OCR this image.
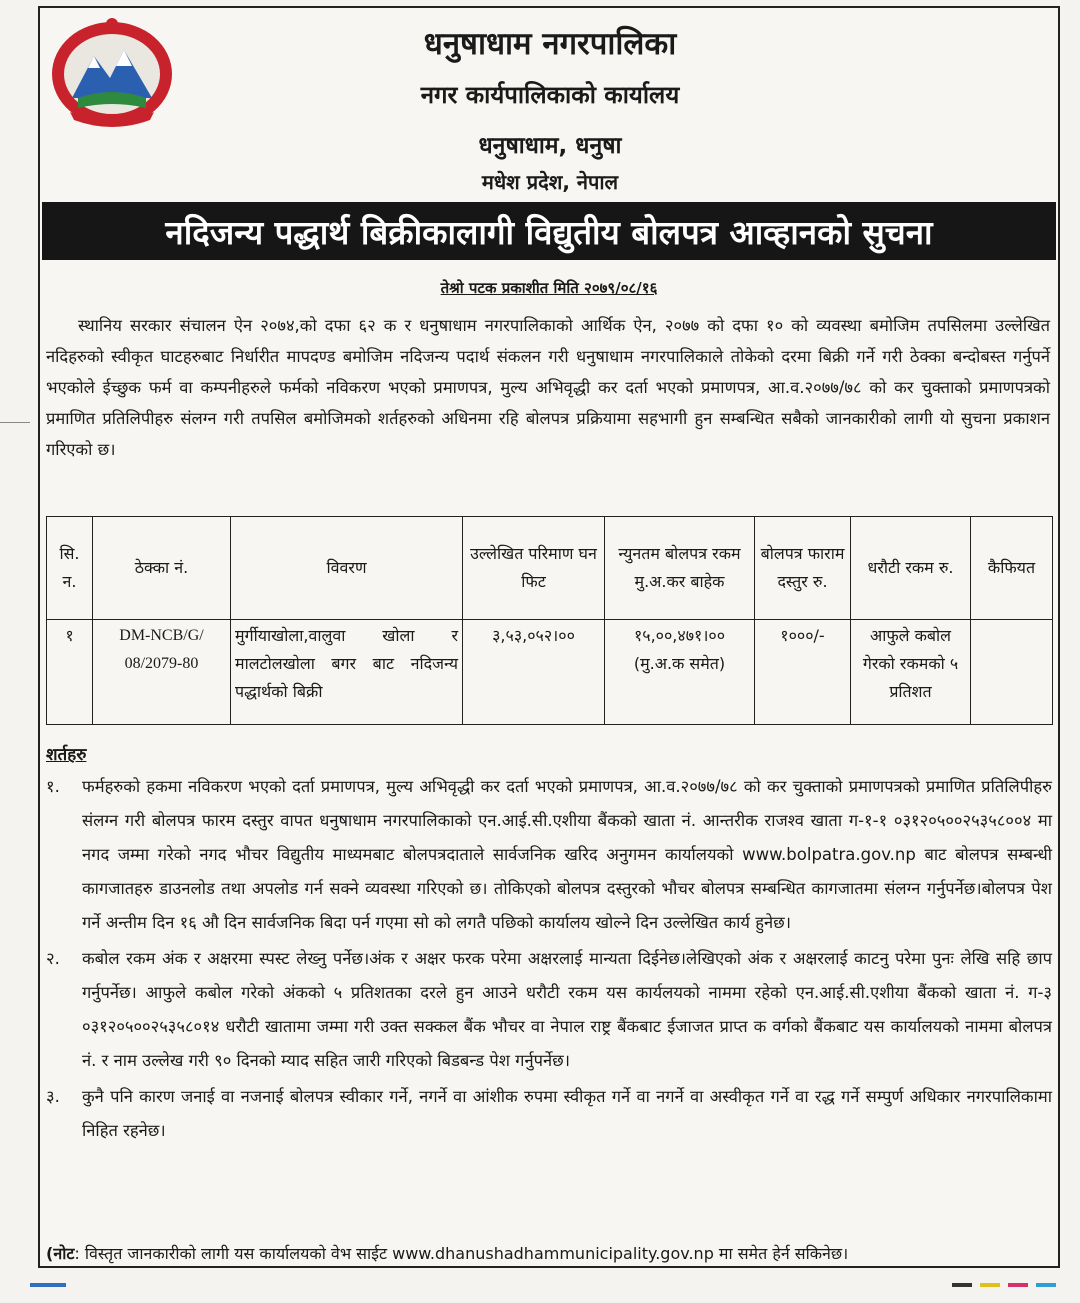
धनुषाधाम नगरपालिका
नगर कार्यपालिकाको कार्यालय
धनुषाधाम, धनुषा
मधेश प्रदेश, नेपाल
नदिजन्य पद्धार्थ बिक्रीकालागी विद्युतीय बोलपत्र आव्हानको सुचना
तेश्रो पटक प्रकाशीत मिति २०७९/०८/१६

स्थानिय सरकार संचालन ऐन २०७४,को दफा ६२ क र धनुषाधाम नगरपालिकाको आर्थिक ऐन, २०७७ को दफा १० को व्यवस्था बमोजिम तपसिलमा उल्लेखित नदिहरुको स्वीकृत घाटहरुबाट निर्धारीत मापदण्ड बमोजिम नदिजन्य पदार्थ संकलन गरी धनुषाधाम नगरपालिकाले तोकेको दरमा बिक्री गर्ने गरी ठेक्का बन्दोबस्त गर्नुपर्ने भएकोले ईच्छुक फर्म वा कम्पनीहरुले फर्मको नविकरण भएको प्रमाणपत्र, मुल्य अभिवृद्धी कर दर्ता भएको प्रमाणपत्र, आ.व.२०७७/७८ को कर चुक्ताको प्रमाणपत्रको प्रमाणित प्रतिलिपीहरु संलग्न गरी तपसिल बमोजिमको शर्तहरुको अधिनमा रहि बोलपत्र प्रक्रियामा सहभागी हुन सम्बन्धित सबैको जानकारीको लागी यो सुचना प्रकाशन गरिएको छ।

सि. न.	ठेक्का नं.	विवरण	उल्लेखित परिमाण घन फिट	न्युनतम बोलपत्र रकम मु.अ.कर बाहेक	बोलपत्र फाराम दस्तुर रु.	धरौटी रकम रु.	कैफियत
१	DM-NCB/G/ 08/2079-80	मुर्गीयाखोला,वालुवा खोला र मालटोलखोला बगर बाट नदिजन्य पद्धार्थको बिक्री	३,५३,०५२।००	१५,००,४७१।०० (मु.अ.क समेत)	१०००/-	आफुले कबोल गेरको रकमको ५ प्रतिशत	
शर्तहरु
१. फर्महरुको हकमा नविकरण भएको दर्ता प्रमाणपत्र, मुल्य अभिवृद्धी कर दर्ता भएको प्रमाणपत्र, आ.व.२०७७/७८ को कर चुक्ताको प्रमाणपत्रको प्रमाणित प्रतिलिपीहरु संलग्न गरी बोलपत्र फारम दस्तुर वापत धनुषाधाम नगरपालिकाको एन.आई.सी.एशीया बैंकको खाता नं. आन्तरीक राजश्व खाता ग-१-१ ०३१२०५००२५३५८००४ मा नगद जम्मा गरेको नगद भौचर विद्युतीय माध्यमबाट बोलपत्रदाताले सार्वजनिक खरिद अनुगमन कार्यालयको www.bolpatra.gov.np बाट बोलपत्र सम्बन्धी कागजातहरु डाउनलोड तथा अपलोड गर्न सक्ने व्यवस्था गरिएको छ। तोकिएको बोलपत्र दस्तुरको भौचर बोलपत्र सम्बन्धित कागजातमा संलग्न गर्नुपर्नेछ।बोलपत्र पेश गर्ने अन्तीम दिन १६ औ दिन सार्वजनिक बिदा पर्न गएमा सो को लगतै पछिको कार्यालय खोल्ने दिन उल्लेखित कार्य हुनेछ।
२. कबोल रकम अंक र अक्षरमा स्पस्ट लेख्नु पर्नेछ।अंक र अक्षर फरक परेमा अक्षरलाई मान्यता दिईनेछ।लेखिएको अंक र अक्षरलाई काटनु परेमा पुनः लेखि सहि छाप गर्नुपर्नेछ। आफुले कबोल गरेको अंकको ५ प्रतिशतका दरले हुन आउने धरौटी रकम यस कार्यलयको नाममा रहेको एन.आई.सी.एशीया बैंकको खाता नं. ग-३ ०३१२०५००२५३५८०१४ धरौटी खातामा जम्मा गरी उक्त सक्कल बैंक भौचर वा नेपाल राष्ट्र बैंकबाट ईजाजत प्राप्त क वर्गको बैंकबाट यस कार्यालयको नाममा बोलपत्र नं. र नाम उल्लेख गरी ९० दिनको म्याद सहित जारी गरिएको बिडबन्ड पेश गर्नुपर्नेछ।
३. कुनै पनि कारण जनाई वा नजनाई बोलपत्र स्वीकार गर्ने, नगर्ने वा आंशीक रुपमा स्वीकृत गर्ने वा नगर्ने वा अस्वीकृत गर्ने वा रद्ध गर्ने सम्पुर्ण अधिकार नगरपालिकामा निहित रहनेछ।
(नोट: विस्तृत जानकारीको लागी यस कार्यालयको वेभ साईट www.dhanushadhammunicipality.gov.np मा समेत हेर्न सकिनेछ।
